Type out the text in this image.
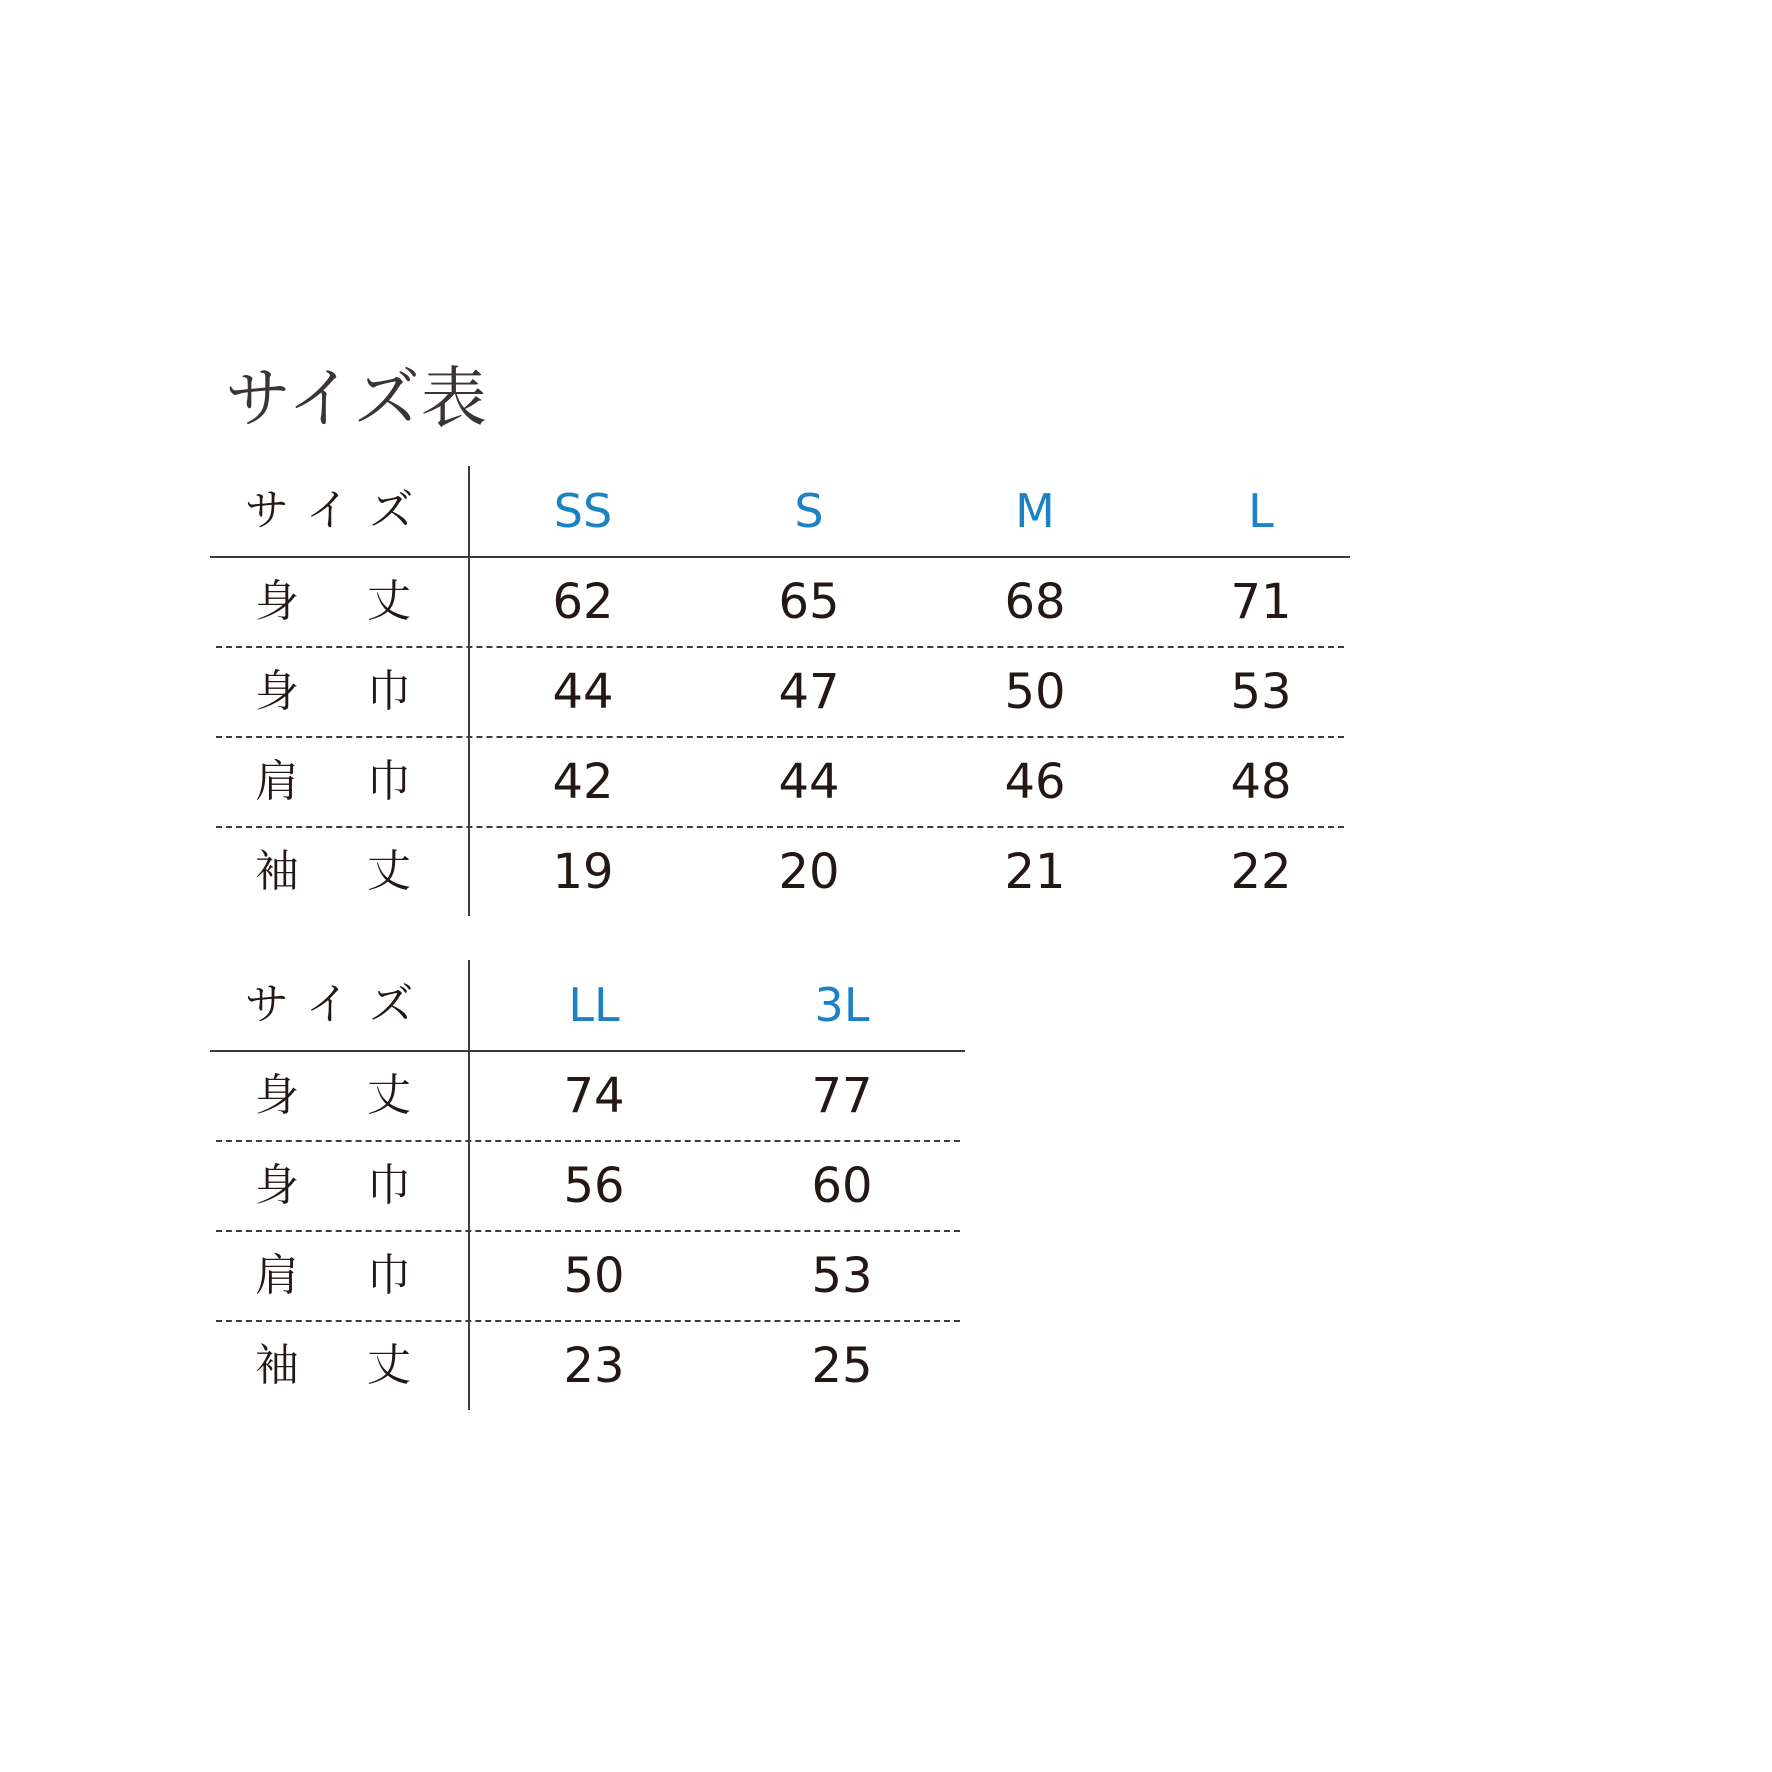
サイズ表
サイズ	SS	S	M	L
身　丈	62	65	68	71
身　巾	44	47	50	53
肩　巾	42	44	46	48
袖　丈	19	20	21	22
サイズ	LL	3L
身　丈	74	77
身　巾	56	60
肩　巾	50	53
袖　丈	23	25
